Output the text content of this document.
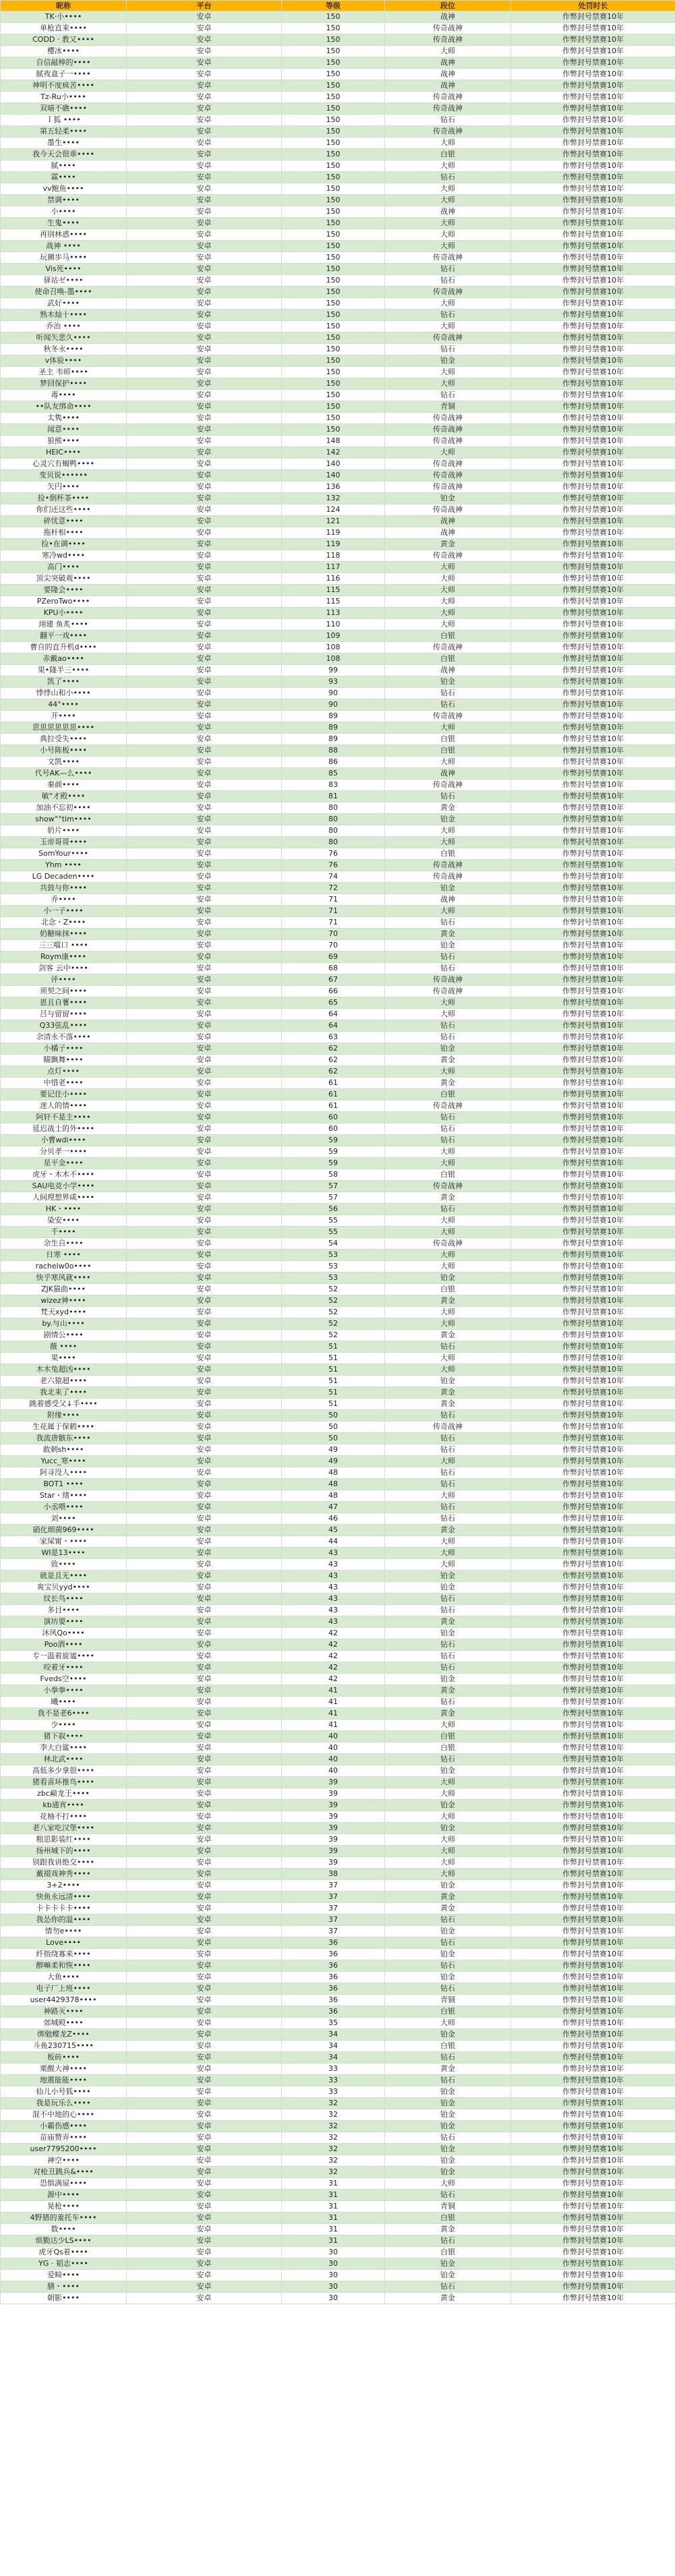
昵称	平台	等级	段位	处罚时长
TK·小••••	安卓	150	战神	作弊封号禁赛10年
单枪直来••••	安卓	150	传奇战神	作弊封号禁赛10年
CODD · 教又••••	安卓	150	传奇战神	作弊封号禁赛10年
樱冰••••	安卓	150	大师	作弊封号禁赛10年
自信敲棒的••••	安卓	150	战神	作弊封号禁赛10年
腻夜盒子一••••	安卓	150	战神	作弊封号禁赛10年
神明不度疯苦••••	安卓	150	战神	作弊封号禁赛10年
Tz-Ru小••••	安卓	150	传奇战神	作弊封号禁赛10年
双喵不礁••••	安卓	150	传奇战神	作弊封号禁赛10年
Ｉ狐 ••••	安卓	150	钻石	作弊封号禁赛10年
第五轻柔••••	安卓	150	传奇战神	作弊封号禁赛10年
墨生••••	安卓	150	大师	作弊封号禁赛10年
我今天会很乖••••	安卓	150	白银	作弊封号禁赛10年
腻••••	安卓	150	大师	作弊封号禁赛10年
霖••••	安卓	150	钻石	作弊封号禁赛10年
vv鲍鱼••••	安卓	150	大师	作弊封号禁赛10年
禁调••••	安卓	150	大师	作弊封号禁赛10年
小••••	安卓	150	战神	作弊封号禁赛10年
生鬼••••	安卓	150	大师	作弊封号禁赛10年
再别林惑••••	安卓	150	大师	作弊封号禁赛10年
战神 ••••	安卓	150	大师	作弊封号禁赛10年
玩狮歩马••••	安卓	150	传奇战神	作弊封号禁赛10年
Vis死••••	安卓	150	钻石	作弊封号禁赛10年
驿站ゼ••••	安卓	150	钻石	作弊封号禁赛10年
使命召唤-墨••••	安卓	150	传奇战神	作弊封号禁赛10年
武好••••	安卓	150	大师	作弊封号禁赛10年
熟木灿十••••	安卓	150	钻石	作弊封号禁赛10年
乔治 ••••	安卓	150	大师	作弊封号禁赛10年
听闻矢悲久••••	安卓	150	传奇战神	作弊封号禁赛10年
秋冬永••••	安卓	150	钻石	作弊封号禁赛10年
v体验••••	安卓	150	铂金	作弊封号禁赛10年
圣主 韦师••••	安卓	150	大师	作弊封号禁赛10年
梦回保护••••	安卓	150	大师	作弊封号禁赛10年
毒••••	安卓	150	钻石	作弊封号禁赛10年
••队友绑命••••	安卓	150	青铜	作弊封号禁赛10年
太隽••••	安卓	150	传奇战神	作弊封号禁赛10年
闻意••••	安卓	150	传奇战神	作弊封号禁赛10年
狼熊••••	安卓	148	传奇战神	作弊封号禁赛10年
HEIC••••	安卓	142	大师	作弊封号禁赛10年
心灵穴有蝎鸭••••	安卓	140	传奇战神	作弊封号禁赛10年
变贝说••••••	安卓	140	传奇战神	作弊封号禁赛10年
矢円••••	安卓	136	传奇战神	作弊封号禁赛10年
捡•倒杯茶••••	安卓	132	铂金	作弊封号禁赛10年
你们还这些••••	安卓	124	传奇战神	作弊封号禁赛10年
碎忧意••••	安卓	121	战神	作弊封号禁赛10年
拖杆相••••	安卓	119	战神	作弊封号禁赛10年
捡•在调••••	安卓	119	黄金	作弊封号禁赛10年
寒冷wd••••	安卓	118	传奇战神	作弊封号禁赛10年
高门••••	安卓	117	大师	作弊封号禁赛10年
顶尖突破观••••	安卓	116	大师	作弊封号禁赛10年
要隆会••••	安卓	115	大师	作弊封号禁赛10年
PZeroTwo••••	安卓	115	大师	作弊封号禁赛10年
KPU小••••	安卓	113	大师	作弊封号禁赛10年
翊建 鱼炙••••	安卓	110	大师	作弊封号禁赛10年
翻平一戏••••	安卓	109	白银	作弊封号禁赛10年
曹自的直升机d••••	安卓	108	传奇战神	作弊封号禁赛10年
赤戴ao••••	安卓	108	白银	作弊封号禁赛10年
果•隆半三••••	安卓	99	战神	作弊封号禁赛10年
凯了••••	安卓	93	铂金	作弊封号禁赛10年
悸悸山和小••••	安卓	90	钻石	作弊封号禁赛10年
44°••••	安卓	90	钻石	作弊封号禁赛10年
开••••	安卓	89	传奇战神	作弊封号禁赛10年
思思思思思思••••	安卓	89	大师	作弊封号禁赛10年
典拉受失••••	安卓	89	白银	作弊封号禁赛10年
小号陈板••••	安卓	88	白银	作弊封号禁赛10年
文凯••••	安卓	86	大师	作弊封号禁赛10年
代号AK—么••••	安卓	85	战神	作弊封号禁赛10年
秦颜••••	安卓	83	传奇战神	作弊封号禁赛10年
敏°才殿••••	安卓	81	钻石	作弊封号禁赛10年
加油不忘初••••	安卓	80	黄金	作弊封号禁赛10年
show°°tim••••	安卓	80	铂金	作弊封号禁赛10年
奶片••••	安卓	80	大师	作弊封号禁赛10年
玉帝哥哥••••	安卓	80	大师	作弊封号禁赛10年
SomYour••••	安卓	76	白银	作弊封号禁赛10年
Yhm ••••	安卓	76	传奇战神	作弊封号禁赛10年
LG Decaden••••	安卓	74	传奇战神	作弊封号禁赛10年
共鼓与你••••	安卓	72	铂金	作弊封号禁赛10年
乔••••	安卓	71	战神	作弊封号禁赛10年
小一子••••	安卓	71	大师	作弊封号禁赛10年
北念・Z••••	安卓	71	钻石	作弊封号禁赛10年
奶糖味抹••••	安卓	70	黄金	作弊封号禁赛10年
三三噹口 ••••	安卓	70	铂金	作弊封号禁赛10年
Roym康••••	安卓	69	钻石	作弊封号禁赛10年
剑客 云中••••	安卓	68	钻石	作弊封号禁赛10年
评••••	安卓	67	传奇战神	作弊封号禁赛10年
须契之间••••	安卓	66	传奇战神	作弊封号禁赛10年
恩且自薯••••	安卓	65	大师	作弊封号禁赛10年
吕与留留••••	安卓	64	大师	作弊封号禁赛10年
Q33弦乱••••	安卓	64	钻石	作弊封号禁赛10年
余清永不落••••	安卓	63	钻石	作弊封号禁赛10年
小橘子••••	安卓	62	铂金	作弊封号禁赛10年
瞄飘舞••••	安卓	62	黄金	作弊封号禁赛10年
点灯••••	安卓	62	大师	作弊封号禁赛10年
中惜老••••	安卓	61	黄金	作弊封号禁赛10年
要记住小••••	安卓	61	白银	作弊封号禁赛10年
迷人的情••••	安卓	61	传奇战神	作弊封号禁赛10年
阿轩不是主••••	安卓	60	钻石	作弊封号禁赛10年
延迟战士的外••••	安卓	60	钻石	作弊封号禁赛10年
小曹wdi••••	安卓	59	钻石	作弊封号禁赛10年
分贝孝一••••	安卓	59	大师	作弊封号禁赛10年
星平金••••	安卓	59	大师	作弊封号禁赛10年
虎牙・木木不••••	安卓	58	白银	作弊封号禁赛10年
SAU电竞小学••••	安卓	57	传奇战神	作弊封号禁赛10年
人间理想界咸••••	安卓	57	黄金	作弊封号禁赛10年
HK・••••	安卓	56	钻石	作弊封号禁赛10年
染安••••	安卓	55	大师	作弊封号禁赛10年
千••••	安卓	55	大师	作弊封号禁赛10年
余生自••••	安卓	54	传奇战神	作弊封号禁赛10年
日寒 ••••	安卓	53	大师	作弊封号禁赛10年
rachelw0o••••	安卓	53	大师	作弊封号禁赛10年
快乎寒风就••••	安卓	53	铂金	作弊封号禁赛10年
ZJK猫曲••••	安卓	52	白银	作弊封号禁赛10年
wizez神••••	安卓	52	黄金	作弊封号禁赛10年
梵天xyd••••	安卓	52	大师	作弊封号禁赛10年
by.与山••••	安卓	52	大师	作弊封号禁赛10年
剧情公••••	安卓	52	黄金	作弊封号禁赛10年
薇 ••••	安卓	51	钻石	作弊封号禁赛10年
果••••	安卓	51	大师	作弊封号禁赛10年
木木兔超凶••••	安卓	51	大师	作弊封号禁赛10年
老六猿超••••	安卓	51	铂金	作弊封号禁赛10年
我北来了••••	安卓	51	黄金	作弊封号禁赛10年
跳着感受父↓手••••	安卓	51	黄金	作弊封号禁赛10年
附缘••••	安卓	50	钻石	作弊封号禁赛10年
生花属于保鹤••••	安卓	50	传奇战神	作弊封号禁赛10年
我流唐骸东••••	安卓	50	钻石	作弊封号禁赛10年
敢刺sh••••	安卓	49	钻石	作弊封号禁赛10年
Yucc_寒••••	安卓	49	大师	作弊封号禁赛10年
阿寻没人••••	安卓	48	钻石	作弊封号禁赛10年
BOT1 ••••	安卓	48	钻石	作弊封号禁赛10年
Star・绪••••	安卓	48	大师	作弊封号禁赛10年
小丞喂••••	安卓	47	钻石	作弊封号禁赛10年
刘••••	安卓	46	钻石	作弊封号禁赛10年
硝化细菌969••••	安卓	45	黄金	作弊封号禁赛10年
家屎甯・••••	安卓	44	大师	作弊封号禁赛10年
WI是13••••	安卓	43	大师	作弊封号禁赛10年
致••••	安卓	43	大师	作弊封号禁赛10年
就是且无••••	安卓	43	铂金	作弊封号禁赛10年
爽宝贝yyd••••	安卓	43	铂金	作弊封号禁赛10年
纹长鸟••••	安卓	43	钻石	作弊封号禁赛10年
多目••••	安卓	43	钻石	作弊封号禁赛10年
演坊要••••	安卓	43	黄金	作弊封号禁赛10年
沐风Qo••••	安卓	42	铂金	作弊封号禁赛10年
Poo酒••••	安卓	42	钻石	作弊封号禁赛10年
专一温着旋谧••••	安卓	42	钻石	作弊封号禁赛10年
咬着牙••••	安卓	42	钻石	作弊封号禁赛10年
Fveds空••••	安卓	42	铂金	作弊封号禁赛10年
小拳拳••••	安卓	41	黄金	作弊封号禁赛10年
曦••••	安卓	41	钻石	作弊封号禁赛10年
我不是老6••••	安卓	41	黄金	作弊封号禁赛10年
少••••	安卓	41	大师	作弊封号禁赛10年
猪下叙••••	安卓	40	白银	作弊封号禁赛10年
李大白鲨••••	安卓	40	白银	作弊封号禁赛10年
林北武••••	安卓	40	钻石	作弊封号禁赛10年
高低多少拿很••••	安卓	40	铂金	作弊封号禁赛10年
猪看喜环推鸟••••	安卓	39	大师	作弊封号禁赛10年
zbc巅龙王••••	安卓	39	大师	作弊封号禁赛10年
kb通宵••••	安卓	39	铂金	作弊封号禁赛10年
花柚不打••••	安卓	39	大师	作弊封号禁赛10年
老八家吃汉堡••••	安卓	39	铂金	作弊封号禁赛10年
粗思影装红••••	安卓	39	大师	作弊封号禁赛10年
扬州城下的••••	安卓	39	大师	作弊封号禁赛10年
别跟我讲绝交••••	安卓	39	大师	作弊封号禁赛10年
戴裰戏神秀••••	安卓	38	大师	作弊封号禁赛10年
3+2••••	安卓	37	铂金	作弊封号禁赛10年
快鱼永远清••••	安卓	37	黄金	作弊封号禁赛10年
卡卡卡卡卡••••	安卓	37	黄金	作弊封号禁赛10年
我怂你的温••••	安卓	37	钻石	作弊封号禁赛10年
情勿e••••	安卓	37	铂金	作弊封号禁赛10年
Love••••	安卓	36	钻石	作弊封号禁赛10年
纤指绕寡来••••	安卓	36	铂金	作弊封号禁赛10年
醉嘛柔和恢••••	安卓	36	钻石	作弊封号禁赛10年
大鱼••••	安卓	36	铂金	作弊封号禁赛10年
电子厂上班••••	安卓	36	钻石	作弊封号禁赛10年
user4429378••••	安卓	36	青铜	作弊封号禁赛10年
神路灭••••	安卓	36	白银	作弊封号禁赛10年
郊城殿••••	安卓	35	大师	作弊封号禁赛10年
绑勉蝶龙Z••••	安卓	34	铂金	作弊封号禁赛10年
斗鱼230715••••	安卓	34	白银	作弊封号禁赛10年
板砖••••	安卓	34	钻石	作弊封号禁赛10年
栗醒大神••••	安卓	33	黄金	作弊封号禁赛10年
地震能能••••	安卓	33	钻石	作弊封号禁赛10年
仙儿小号狐••••	安卓	33	铂金	作弊封号禁赛10年
我是玩乐么••••	安卓	32	铂金	作弊封号禁赛10年
混不中地的心••••	安卓	32	铂金	作弊封号禁赛10年
小霸伤感••••	安卓	32	铂金	作弊封号禁赛10年
苗庙赞弄••••	安卓	32	钻石	作弊封号禁赛10年
user7795200••••	安卓	32	铂金	作弊封号禁赛10年
神空••••	安卓	32	铂金	作弊封号禁赛10年
对枪丑跳兵&••••	安卓	32	铂金	作弊封号禁赛10年
恐惧满屋••••	安卓	31	大师	作弊封号禁赛10年
源中••••	安卓	31	钻石	作弊封号禁赛10年
晃枪••••	安卓	31	青铜	作弊封号禁赛10年
4野猪的羞托车••••	安卓	31	白银	作弊封号禁赛10年
数••••	安卓	31	黄金	作弊封号禁赛10年
烦勤达少LS••••	安卓	31	钻石	作弊封号禁赛10年
虎牙Qs着••••	安卓	30	白银	作弊封号禁赛10年
YG · 韬志••••	安卓	30	铂金	作弊封号禁赛10年
爱畸••••	安卓	30	铂金	作弊封号禁赛10年
膳・••••	安卓	30	钻石	作弊封号禁赛10年
朝影••••	安卓	30	黄金	作弊封号禁赛10年
